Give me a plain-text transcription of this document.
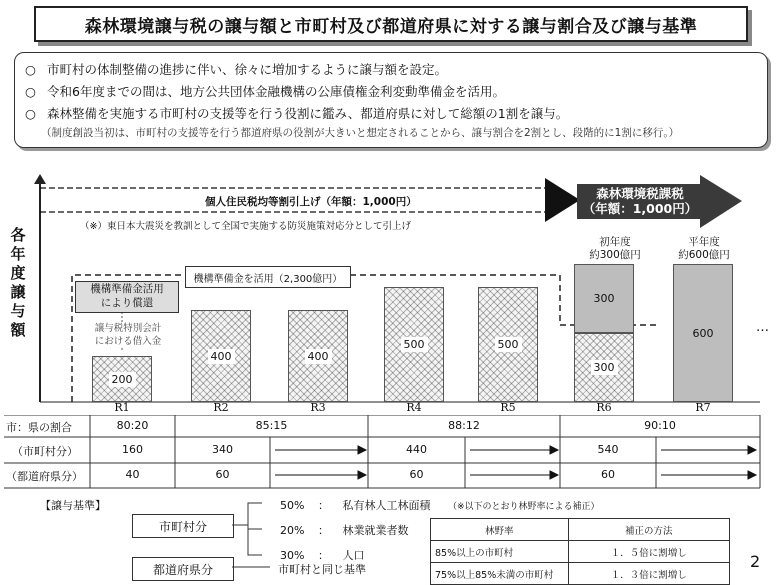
森林環境譲与税の譲与額と市町村及び都道府県に対する譲与割合及び譲与基準
○ 市町村の体制整備の進捗に伴い、徐々に増加するように譲与額を設定。
○ 令和6年度までの間は、地方公共団体金融機構の公庫債権金利変動準備金を活用。
○ 森林整備を実施する市町村の支援等を行う役割に鑑み、都道府県に対して総額の1割を譲与。
（制度創設当初は、市町村の支援等を行う都道府県の役割が大きいと想定されることから、譲与割合を2割とし、段階的に1割に移行。）
各年度譲与額
個人住民税均等割引上げ（年額：1,000円）
（※）東日本大震災を教訓として全国で実施する防災施策対応分として引上げ
森林環境税課税
（年額：1,000円）
機構準備金を活用（2,300億円）
機構準備金活用
により償還
譲与税特別会計
における借入金
初年度
約300億円
平年度
約600億円
…
200
400	400
500	500
300
300
600
市：県の割合	80:20	85:15	88:12	90:10
（市町村分）	160	340	440	540
（都道府県分）	40	60	60	60
【譲与基準】
市町村分
都道府県分
50% ： 私有林人工林面積 （※以下のとおり林野率による補正）
20% ： 林業就業者数
30% ： 人口
市町村と同じ基準
林野率	補正の方法
85%以上の市町村	１．５倍に割増し
75%以上85%未満の市町村	１．３倍に割増し
2
R1	R2	R3	R4	R5	R6	R7
